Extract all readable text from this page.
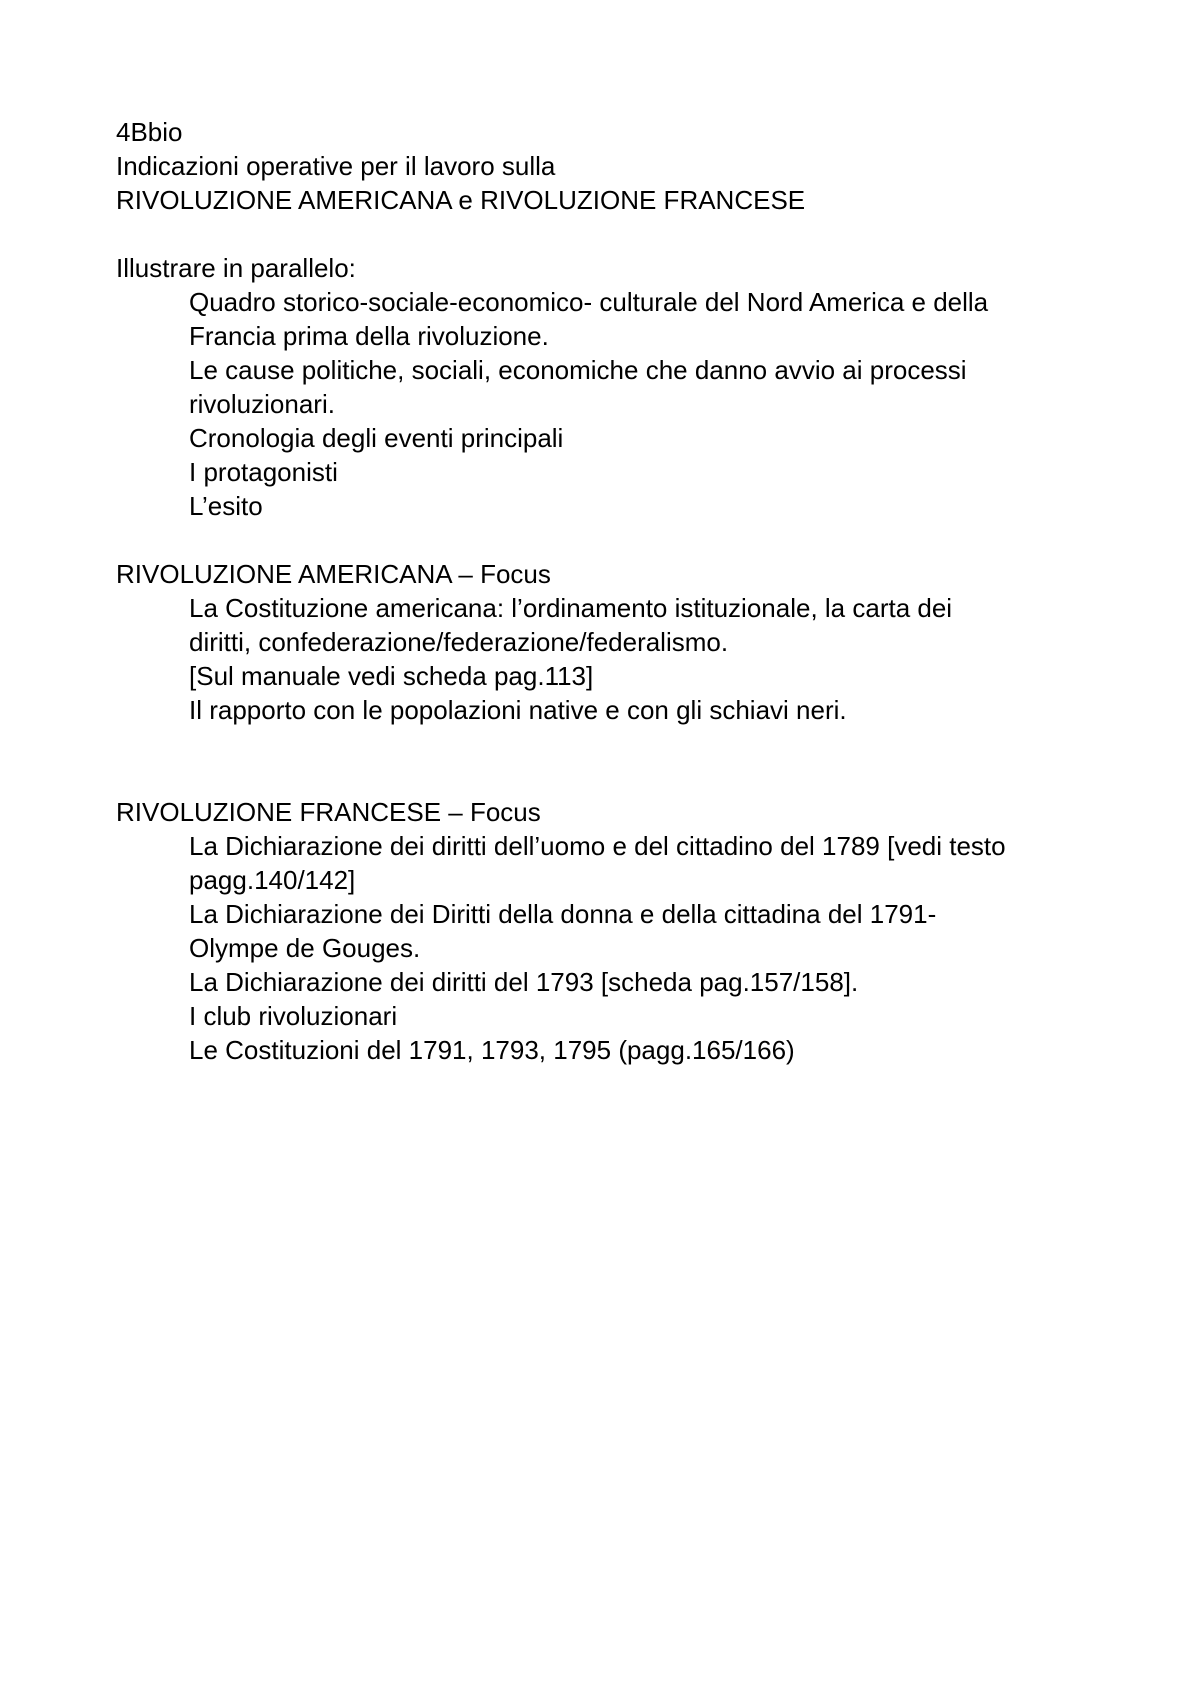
4Bbio
Indicazioni operative per il lavoro sulla
RIVOLUZIONE AMERICANA e RIVOLUZIONE FRANCESE
Illustrare in parallelo:
Quadro storico-sociale-economico- culturale del Nord America e della
Francia prima della rivoluzione.
Le cause politiche, sociali, economiche che danno avvio ai processi
rivoluzionari.
Cronologia degli eventi principali
I protagonisti
L’esito
RIVOLUZIONE AMERICANA – Focus
La Costituzione americana: l’ordinamento istituzionale, la carta dei
diritti, confederazione/federazione/federalismo.
[Sul manuale vedi scheda pag.113]
Il rapporto con le popolazioni native e con gli schiavi neri.
RIVOLUZIONE FRANCESE – Focus
La Dichiarazione dei diritti dell’uomo e del cittadino del 1789 [vedi testo
pagg.140/142]
La Dichiarazione dei Diritti della donna e della cittadina del 1791-
Olympe de Gouges.
La Dichiarazione dei diritti del 1793 [scheda pag.157/158].
I club rivoluzionari
Le Costituzioni del 1791, 1793, 1795 (pagg.165/166)
